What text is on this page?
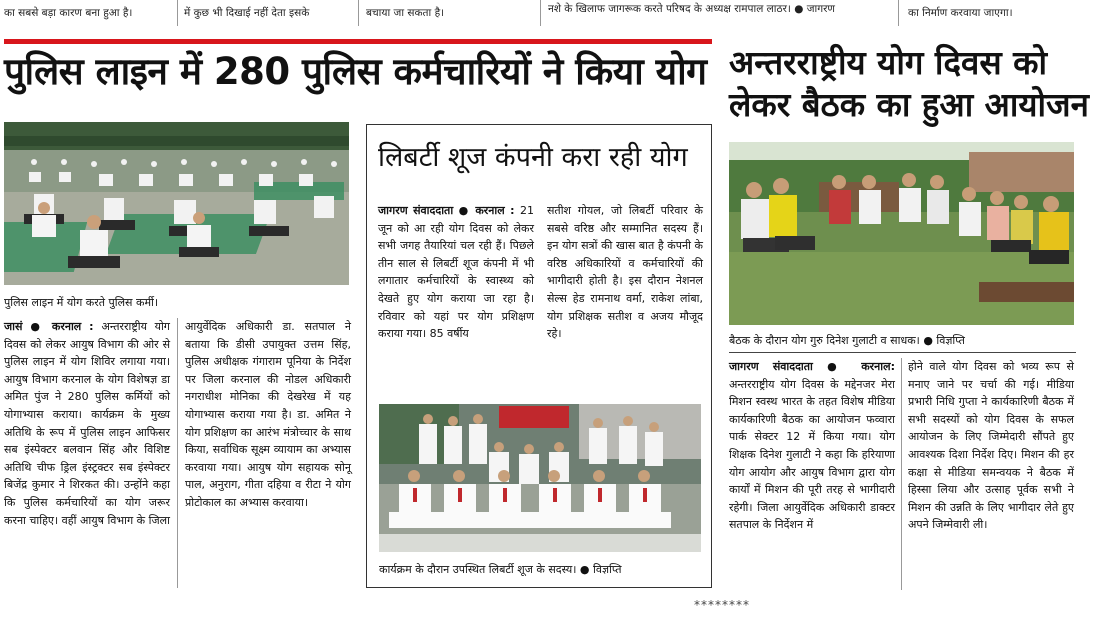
का सबसे बड़ा कारण बना हुआ है।	में कुछ भी दिखाई नहीं देता इसके	बचाया जा सकता है।	नशे के खिलाफ जागरूक करते परिषद के अध्यक्ष रामपाल लाठर। ● जागरण	का निर्माण करवाया जाएगा।
पुलिस लाइन में 280 पुलिस कर्मचारियों ने किया योग
पुलिस लाइन में योग करते पुलिस कर्मी।
जासं ● करनाल : अन्तरराष्ट्रीय योग दिवस को लेकर आयुष विभाग की ओर से पुलिस लाइन में योग शिविर लगाया गया। आयुष विभाग करनाल के योग विशेषज्ञ डा अमित पुंज ने 280 पुलिस कर्मियों को योगाभ्यास कराया। कार्यक्रम के मुख्य अतिथि के रूप में पुलिस लाइन आफिसर सब इंस्पेक्टर बलवान सिंह और विशिष्ट अतिथि चीफ ड्रिल इंस्ट्रक्टर सब इंस्पेक्टर बिजेंद्र कुमार ने शिरकत की। उन्होंने कहा कि पुलिस कर्मचारियों का योग जरूर करना चाहिए। वहीं आयुष विभाग के जिला
आयुर्वेदिक अधिकारी डा. सतपाल ने बताया कि डीसी उपायुक्त उत्तम सिंह, पुलिस अधीक्षक गंगाराम पूनिया के निर्देश पर जिला करनाल की नोडल अधिकारी नगराधीश मोनिका की देखरेख में यह योगाभ्यास कराया गया है। डा. अमित ने योग प्रशिक्षण का आरंभ मंत्रोच्चार के साथ किया, सर्वाधिक सूक्ष्म व्यायाम का अभ्यास करवाया गया। आयुष योग सहायक सोनू पाल, अनुराग, गीता दहिया व रीटा ने योग प्रोटोकाल का अभ्यास करवाया।
लिबर्टी शूज कंपनी करा रही योग
जागरण संवाददाता ● करनाल : 21 जून को आ रही योग दिवस को लेकर सभी जगह तैयारियां चल रही हैं। पिछले तीन साल से लिबर्टी शूज कंपनी में भी लगातार कर्मचारियों के स्वास्थ्य को देखते हुए योग कराया जा रहा है। रविवार को यहां पर योग प्रशिक्षण कराया गया। 85 वर्षीय
सतीश गोयल, जो लिबर्टी परिवार के सबसे वरिष्ठ और सम्मानित सदस्य हैं। इन योग सत्रों की खास बात है कंपनी के वरिष्ठ अधिकारियों व कर्मचारियों की भागीदारी होती है। इस दौरान नेशनल सेल्स हेड रामनाथ वर्मा, राकेश लांबा, योग प्रशिक्षक सतीश व अजय मौजूद रहे।
कार्यक्रम के दौरान उपस्थित लिबर्टी शूज के सदस्य। ● विज्ञप्ति
अन्तरराष्ट्रीय योग दिवस को लेकर बैठक का हुआ आयोजन
बैठक के दौरान योग गुरु दिनेश गुलाटी व साधक। ● विज्ञप्ति
जागरण संवाददाता ● करनाल: अन्तरराष्ट्रीय योग दिवस के मद्देनजर मेरा मिशन स्वस्थ भारत के तहत विशेष मीडिया कार्यकारिणी बैठक का आयोजन फव्वारा पार्क सेक्टर 12 में किया गया। योग शिक्षक दिनेश गुलाटी ने कहा कि हरियाणा योग आयोग और आयुष विभाग द्वारा योग कार्यों में मिशन की पूरी तरह से भागीदारी रहेगी। जिला आयुर्वेदिक अधिकारी डाक्टर सतपाल के निर्देशन में
होने वाले योग दिवस को भव्य रूप से मनाए जाने पर चर्चा की गई। मीडिया प्रभारी निधि गुप्ता ने कार्यकारिणी बैठक में सभी सदस्यों को योग दिवस के सफल आयोजन के लिए जिम्मेदारी सौंपते हुए आवश्यक दिशा निर्देश दिए। मिशन की हर कक्षा से मीडिया समन्वयक ने बैठक में हिस्सा लिया और उत्साह पूर्वक सभी ने मिशन की उन्नति के लिए भागीदार लेते हुए अपने जिम्मेवारी ली।
********
